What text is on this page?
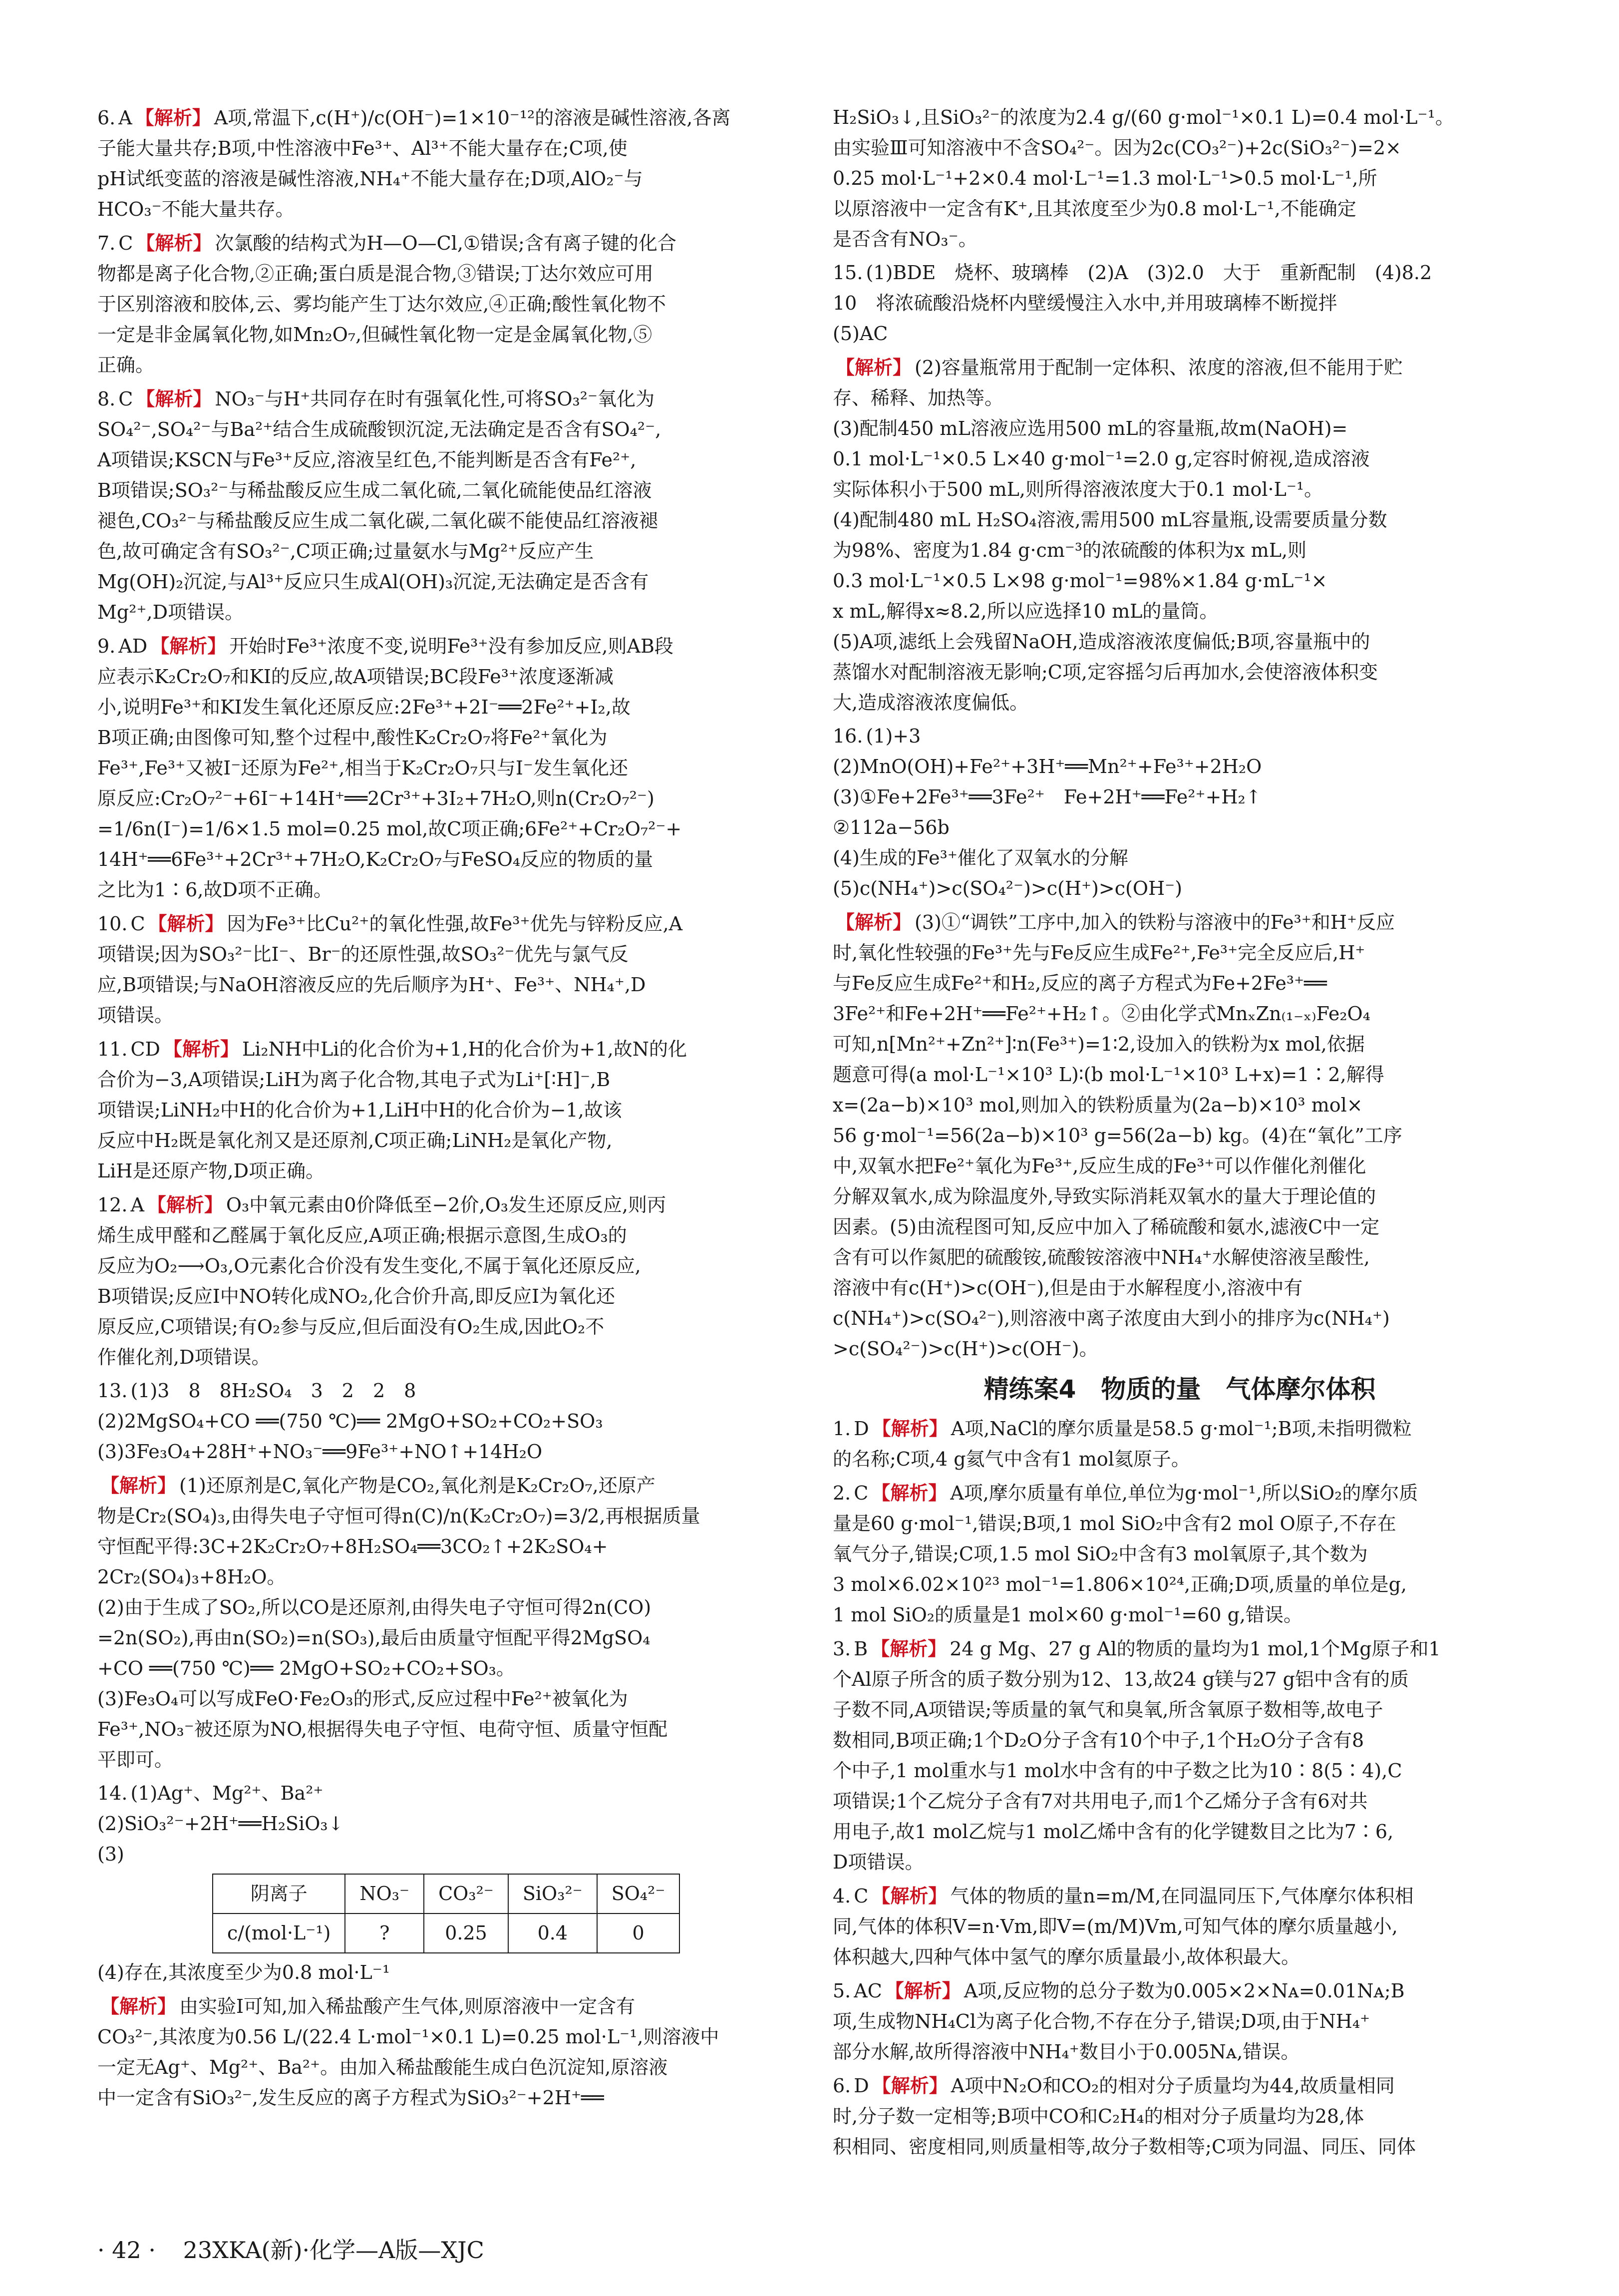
6. A 【解析】 A项,常温下,c(H⁺)/c(OH⁻)=1×10⁻¹²的溶液是碱性溶液,各离
子能大量共存;B项,中性溶液中Fe³⁺、Al³⁺不能大量存在;C项,使
pH试纸变蓝的溶液是碱性溶液,NH₄⁺不能大量存在;D项,AlO₂⁻与
HCO₃⁻不能大量共存。
7. C 【解析】 次氯酸的结构式为H—O—Cl,①错误;含有离子键的化合
物都是离子化合物,②正确;蛋白质是混合物,③错误;丁达尔效应可用
于区别溶液和胶体,云、雾均能产生丁达尔效应,④正确;酸性氧化物不
一定是非金属氧化物,如Mn₂O₇,但碱性氧化物一定是金属氧化物,⑤
正确。
8. C 【解析】 NO₃⁻与H⁺共同存在时有强氧化性,可将SO₃²⁻氧化为
SO₄²⁻,SO₄²⁻与Ba²⁺结合生成硫酸钡沉淀,无法确定是否含有SO₄²⁻,
A项错误;KSCN与Fe³⁺反应,溶液呈红色,不能判断是否含有Fe²⁺,
B项错误;SO₃²⁻与稀盐酸反应生成二氧化硫,二氧化硫能使品红溶液
褪色,CO₃²⁻与稀盐酸反应生成二氧化碳,二氧化碳不能使品红溶液褪
色,故可确定含有SO₃²⁻,C项正确;过量氨水与Mg²⁺反应产生
Mg(OH)₂沉淀,与Al³⁺反应只生成Al(OH)₃沉淀,无法确定是否含有
Mg²⁺,D项错误。
9. AD 【解析】 开始时Fe³⁺浓度不变,说明Fe³⁺没有参加反应,则AB段
应表示K₂Cr₂O₇和KI的反应,故A项错误;BC段Fe³⁺浓度逐渐减
小,说明Fe³⁺和KI发生氧化还原反应:2Fe³⁺+2I⁻══2Fe²⁺+I₂,故
B项正确;由图像可知,整个过程中,酸性K₂Cr₂O₇将Fe²⁺氧化为
Fe³⁺,Fe³⁺又被I⁻还原为Fe²⁺,相当于K₂Cr₂O₇只与I⁻发生氧化还
原反应:Cr₂O₇²⁻+6I⁻+14H⁺══2Cr³⁺+3I₂+7H₂O,则n(Cr₂O₇²⁻)
=1/6n(I⁻)=1/6×1.5 mol=0.25 mol,故C项正确;6Fe²⁺+Cr₂O₇²⁻+
14H⁺══6Fe³⁺+2Cr³⁺+7H₂O,K₂Cr₂O₇与FeSO₄反应的物质的量
之比为1∶6,故D项不正确。
10. C 【解析】 因为Fe³⁺比Cu²⁺的氧化性强,故Fe³⁺优先与锌粉反应,A
项错误;因为SO₃²⁻比I⁻、Br⁻的还原性强,故SO₃²⁻优先与氯气反
应,B项错误;与NaOH溶液反应的先后顺序为H⁺、Fe³⁺、NH₄⁺,D
项错误。
11. CD 【解析】 Li₂NH中Li的化合价为+1,H的化合价为+1,故N的化
合价为−3,A项错误;LiH为离子化合物,其电子式为Li⁺[∶H]⁻,B
项错误;LiNH₂中H的化合价为+1,LiH中H的化合价为−1,故该
反应中H₂既是氧化剂又是还原剂,C项正确;LiNH₂是氧化产物,
LiH是还原产物,D项正确。
12. A 【解析】 O₃中氧元素由0价降低至−2价,O₃发生还原反应,则丙
烯生成甲醛和乙醛属于氧化反应,A项正确;根据示意图,生成O₃的
反应为O₂⟶O₃,O元素化合价没有发生变化,不属于氧化还原反应,
B项错误;反应Ⅰ中NO转化成NO₂,化合价升高,即反应Ⅰ为氧化还
原反应,C项错误;有O₂参与反应,但后面没有O₂生成,因此O₂不
作催化剂,D项错误。
13. (1)3　8　8H₂SO₄　3　2　2　8
(2)2MgSO₄+CO ══(750 ℃)══ 2MgO+SO₂+CO₂+SO₃
(3)3Fe₃O₄+28H⁺+NO₃⁻══9Fe³⁺+NO↑+14H₂O
【解析】 (1)还原剂是C,氧化产物是CO₂,氧化剂是K₂Cr₂O₇,还原产
物是Cr₂(SO₄)₃,由得失电子守恒可得n(C)/n(K₂Cr₂O₇)=3/2,再根据质量
守恒配平得:3C+2K₂Cr₂O₇+8H₂SO₄══3CO₂↑+2K₂SO₄+
2Cr₂(SO₄)₃+8H₂O。
(2)由于生成了SO₂,所以CO是还原剂,由得失电子守恒可得2n(CO)
=2n(SO₂),再由n(SO₂)=n(SO₃),最后由质量守恒配平得2MgSO₄
+CO ══(750 ℃)══ 2MgO+SO₂+CO₂+SO₃。
(3)Fe₃O₄可以写成FeO·Fe₂O₃的形式,反应过程中Fe²⁺被氧化为
Fe³⁺,NO₃⁻被还原为NO,根据得失电子守恒、电荷守恒、质量守恒配
平即可。
14. (1)Ag⁺、Mg²⁺、Ba²⁺
(2)SiO₃²⁻+2H⁺══H₂SiO₃↓
(3)
阴离子	NO₃⁻	CO₃²⁻	SiO₃²⁻	SO₄²⁻
c/(mol·L⁻¹)	?	0.25	0.4	0
(4)存在,其浓度至少为0.8 mol·L⁻¹
【解析】 由实验Ⅰ可知,加入稀盐酸产生气体,则原溶液中一定含有
CO₃²⁻,其浓度为0.56 L/(22.4 L·mol⁻¹×0.1 L)=0.25 mol·L⁻¹,则溶液中
一定无Ag⁺、Mg²⁺、Ba²⁺。由加入稀盐酸能生成白色沉淀知,原溶液
中一定含有SiO₃²⁻,发生反应的离子方程式为SiO₃²⁻+2H⁺══
H₂SiO₃↓,且SiO₃²⁻的浓度为2.4 g/(60 g·mol⁻¹×0.1 L)=0.4 mol·L⁻¹。
由实验Ⅲ可知溶液中不含SO₄²⁻。因为2c(CO₃²⁻)+2c(SiO₃²⁻)=2×
0.25 mol·L⁻¹+2×0.4 mol·L⁻¹=1.3 mol·L⁻¹>0.5 mol·L⁻¹,所
以原溶液中一定含有K⁺,且其浓度至少为0.8 mol·L⁻¹,不能确定
是否含有NO₃⁻。
15. (1)BDE　烧杯、玻璃棒　(2)A　(3)2.0　大于　重新配制　(4)8.2
10　将浓硫酸沿烧杯内壁缓慢注入水中,并用玻璃棒不断搅拌
(5)AC
【解析】 (2)容量瓶常用于配制一定体积、浓度的溶液,但不能用于贮
存、稀释、加热等。
(3)配制450 mL溶液应选用500 mL的容量瓶,故m(NaOH)=
0.1 mol·L⁻¹×0.5 L×40 g·mol⁻¹=2.0 g,定容时俯视,造成溶液
实际体积小于500 mL,则所得溶液浓度大于0.1 mol·L⁻¹。
(4)配制480 mL H₂SO₄溶液,需用500 mL容量瓶,设需要质量分数
为98%、密度为1.84 g·cm⁻³的浓硫酸的体积为x mL,则
0.3 mol·L⁻¹×0.5 L×98 g·mol⁻¹=98%×1.84 g·mL⁻¹×
x mL,解得x≈8.2,所以应选择10 mL的量筒。
(5)A项,滤纸上会残留NaOH,造成溶液浓度偏低;B项,容量瓶中的
蒸馏水对配制溶液无影响;C项,定容摇匀后再加水,会使溶液体积变
大,造成溶液浓度偏低。
16. (1)+3
(2)MnO(OH)+Fe²⁺+3H⁺══Mn²⁺+Fe³⁺+2H₂O
(3)①Fe+2Fe³⁺══3Fe²⁺　Fe+2H⁺══Fe²⁺+H₂↑
②112a−56b
(4)生成的Fe³⁺催化了双氧水的分解
(5)c(NH₄⁺)>c(SO₄²⁻)>c(H⁺)>c(OH⁻)
【解析】 (3)①“调铁”工序中,加入的铁粉与溶液中的Fe³⁺和H⁺反应
时,氧化性较强的Fe³⁺先与Fe反应生成Fe²⁺,Fe³⁺完全反应后,H⁺
与Fe反应生成Fe²⁺和H₂,反应的离子方程式为Fe+2Fe³⁺══
3Fe²⁺和Fe+2H⁺══Fe²⁺+H₂↑。②由化学式MnₓZn₍₁₋ₓ₎Fe₂O₄
可知,n[Mn²⁺+Zn²⁺]∶n(Fe³⁺)=1∶2,设加入的铁粉为x mol,依据
题意可得(a mol·L⁻¹×10³ L)∶(b mol·L⁻¹×10³ L+x)=1∶2,解得
x=(2a−b)×10³ mol,则加入的铁粉质量为(2a−b)×10³ mol×
56 g·mol⁻¹=56(2a−b)×10³ g=56(2a−b) kg。(4)在“氧化”工序
中,双氧水把Fe²⁺氧化为Fe³⁺,反应生成的Fe³⁺可以作催化剂催化
分解双氧水,成为除温度外,导致实际消耗双氧水的量大于理论值的
因素。(5)由流程图可知,反应中加入了稀硫酸和氨水,滤液C中一定
含有可以作氮肥的硫酸铵,硫酸铵溶液中NH₄⁺水解使溶液呈酸性,
溶液中有c(H⁺)>c(OH⁻),但是由于水解程度小,溶液中有
c(NH₄⁺)>c(SO₄²⁻),则溶液中离子浓度由大到小的排序为c(NH₄⁺)
>c(SO₄²⁻)>c(H⁺)>c(OH⁻)。
精练案4　物质的量　气体摩尔体积
1. D 【解析】 A项,NaCl的摩尔质量是58.5 g·mol⁻¹;B项,未指明微粒
的名称;C项,4 g氦气中含有1 mol氦原子。
2. C 【解析】 A项,摩尔质量有单位,单位为g·mol⁻¹,所以SiO₂的摩尔质
量是60 g·mol⁻¹,错误;B项,1 mol SiO₂中含有2 mol O原子,不存在
氧气分子,错误;C项,1.5 mol SiO₂中含有3 mol氧原子,其个数为
3 mol×6.02×10²³ mol⁻¹=1.806×10²⁴,正确;D项,质量的单位是g,
1 mol SiO₂的质量是1 mol×60 g·mol⁻¹=60 g,错误。
3. B 【解析】 24 g Mg、27 g Al的物质的量均为1 mol,1个Mg原子和1
个Al原子所含的质子数分别为12、13,故24 g镁与27 g铝中含有的质
子数不同,A项错误;等质量的氧气和臭氧,所含氧原子数相等,故电子
数相同,B项正确;1个D₂O分子含有10个中子,1个H₂O分子含有8
个中子,1 mol重水与1 mol水中含有的中子数之比为10∶8(5∶4),C
项错误;1个乙烷分子含有7对共用电子,而1个乙烯分子含有6对共
用电子,故1 mol乙烷与1 mol乙烯中含有的化学键数目之比为7∶6,
D项错误。
4. C 【解析】 气体的物质的量n=m/M,在同温同压下,气体摩尔体积相
同,气体的体积V=n·Vm,即V=(m/M)Vm,可知气体的摩尔质量越小,
体积越大,四种气体中氢气的摩尔质量最小,故体积最大。
5. AC 【解析】 A项,反应物的总分子数为0.005×2×Nᴀ=0.01Nᴀ;B
项,生成物NH₄Cl为离子化合物,不存在分子,错误;D项,由于NH₄⁺
部分水解,故所得溶液中NH₄⁺数目小于0.005Nᴀ,错误。
6. D 【解析】 A项中N₂O和CO₂的相对分子质量均为44,故质量相同
时,分子数一定相等;B项中CO和C₂H₄的相对分子质量均为28,体
积相同、密度相同,则质量相等,故分子数相等;C项为同温、同压、同体
· 42 · 23XKA(新)·化学—A版—XJC
